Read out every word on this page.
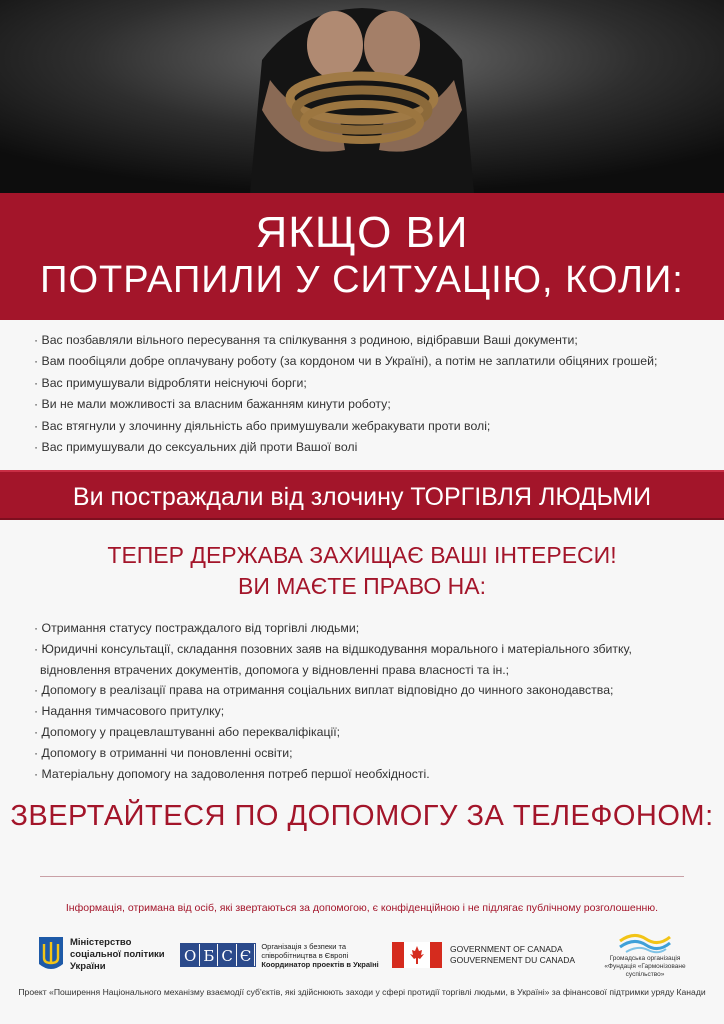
ЯКЩО ВИ
ПОТРАПИЛИ У СИТУАЦІЮ, КОЛИ:
· Вас позбавляли вільного пересування та спілкування з родиною, відібравши Ваші документи;
· Вам пообіцяли добре оплачувану роботу (за кордоном чи в Україні), а потім не заплатили обіцяних грошей;
· Вас примушували відробляти неіснуючі борги;
· Ви не мали можливості за власним бажанням кинути роботу;
· Вас втягнули у злочинну діяльність або примушували жебракувати проти волі;
· Вас примушували до сексуальних дій проти Вашої волі
Ви постраждали від злочину ТОРГІВЛЯ ЛЮДЬМИ
ТЕПЕР ДЕРЖАВА ЗАХИЩАЄ ВАШІ ІНТЕРЕСИ!
ВИ МАЄТЕ ПРАВО НА:
· Отримання статусу постраждалого від торгівлі людьми;
· Юридичні консультації, складання позовних заяв на відшкодування морального і матеріального збитку,
відновлення втрачених документів, допомога у відновленні права власності та ін.;
· Допомогу в реалізації права на отримання соціальних виплат відповідно до чинного законодавства;
· Надання тимчасового притулку;
· Допомогу у працевлаштуванні або перекваліфікації;
· Допомогу в отриманні чи поновленні освіти;
· Матеріальну допомогу на задоволення потреб першої необхідності.
ЗВЕРТАЙТЕСЯ ПО ДОПОМОГУ ЗА ТЕЛЕФОНОМ:
Інформація, отримана від осіб, які звертаються за допомогою, є конфіденційною і не підлягає публічному розголошенню.
Міністерство
соціальної політики
України
О Б С Є
Організація з безпеки та
співробітництва в Європі
Координатор проектів в Україні
GOVERNMENT OF CANADA
GOUVERNEMENT DU CANADA	Громадська організація
«Фундація «Гармонізоване суспільство»
Проект «Поширення Національного механізму взаємодії суб'єктів, які здійснюють заходи у сфері протидії торгівлі людьми, в Україні» за фінансової підтримки уряду Канади
